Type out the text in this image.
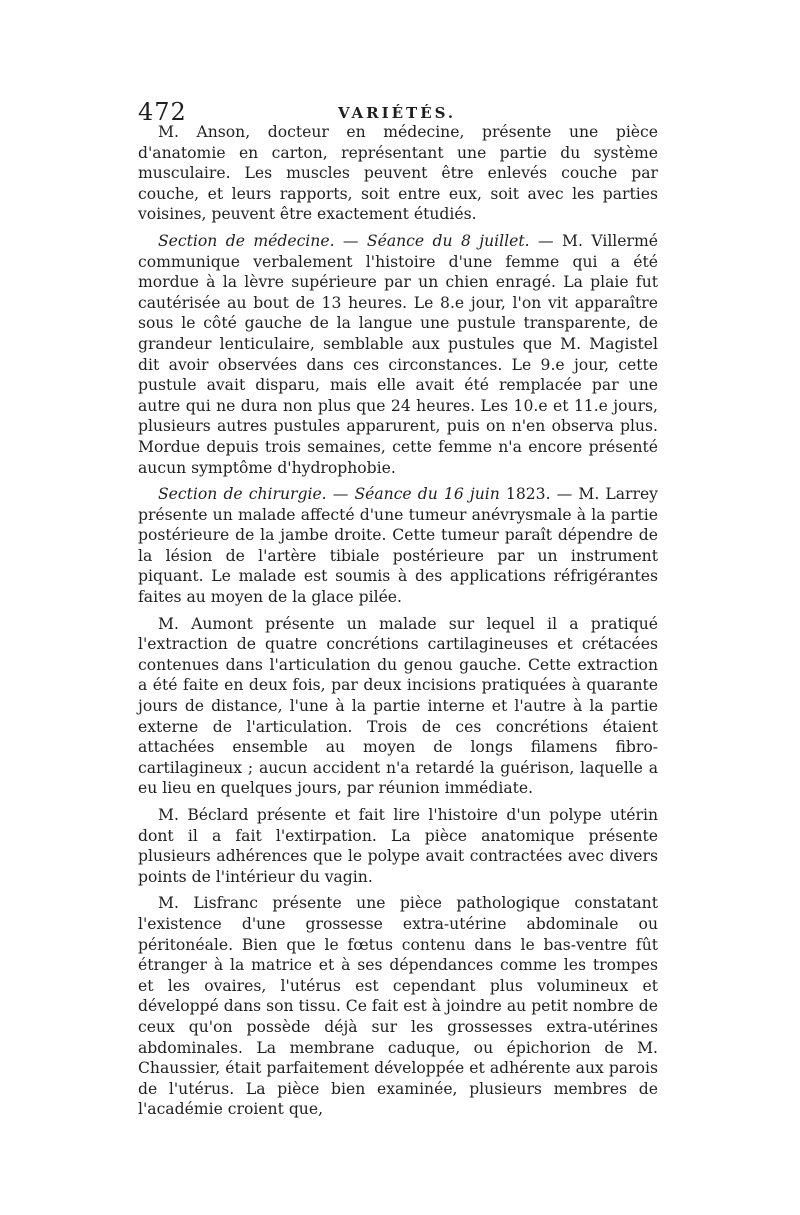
472	VARIÉTÉS.

M. Anson, docteur en médecine, présente une pièce d'anatomie en carton, représentant une partie du système musculaire. Les muscles peuvent être enlevés couche par couche, et leurs rapports, soit entre eux, soit avec les parties voisines, peuvent être exactement étudiés.

Section de médecine. — Séance du 8 juillet. — M. Villermé communique verbalement l'histoire d'une femme qui a été mordue à la lèvre supérieure par un chien enragé. La plaie fut cautérisée au bout de 13 heures. Le 8.e jour, l'on vit apparaître sous le côté gauche de la langue une pustule transparente, de grandeur lenticulaire, semblable aux pustules que M. Magistel dit avoir observées dans ces circonstances. Le 9.e jour, cette pustule avait disparu, mais elle avait été remplacée par une autre qui ne dura non plus que 24 heures. Les 10.e et 11.e jours, plusieurs autres pustules apparurent, puis on n'en observa plus. Mordue depuis trois semaines, cette femme n'a encore présenté aucun symptôme d'hydrophobie.

Section de chirurgie. — Séance du 16 juin 1823. — M. Larrey présente un malade affecté d'une tumeur anévrysmale à la partie postérieure de la jambe droite. Cette tumeur paraît dépendre de la lésion de l'artère tibiale postérieure par un instrument piquant. Le malade est soumis à des applications réfrigérantes faites au moyen de la glace pilée.

M. Aumont présente un malade sur lequel il a pratiqué l'extraction de quatre concrétions cartilagineuses et crétacées contenues dans l'articulation du genou gauche. Cette extraction a été faite en deux fois, par deux incisions pratiquées à quarante jours de distance, l'une à la partie interne et l'autre à la partie externe de l'articulation. Trois de ces concrétions étaient attachées ensemble au moyen de longs filamens fibro-cartilagineux ; aucun accident n'a retardé la guérison, laquelle a eu lieu en quelques jours, par réunion immédiate.

M. Béclard présente et fait lire l'histoire d'un polype utérin dont il a fait l'extirpation. La pièce anatomique présente plusieurs adhérences que le polype avait contractées avec divers points de l'intérieur du vagin.

M. Lisfranc présente une pièce pathologique constatant l'existence d'une grossesse extra-utérine abdominale ou péritonéale. Bien que le fœtus contenu dans le bas-ventre fût étranger à la matrice et à ses dépendances comme les trompes et les ovaires, l'utérus est cependant plus volumineux et développé dans son tissu. Ce fait est à joindre au petit nombre de ceux qu'on possède déjà sur les grossesses extra-utérines abdominales. La membrane caduque, ou épichorion de M. Chaussier, était parfaitement développée et adhérente aux parois de l'utérus. La pièce bien examinée, plusieurs membres de l'académie croient que,
